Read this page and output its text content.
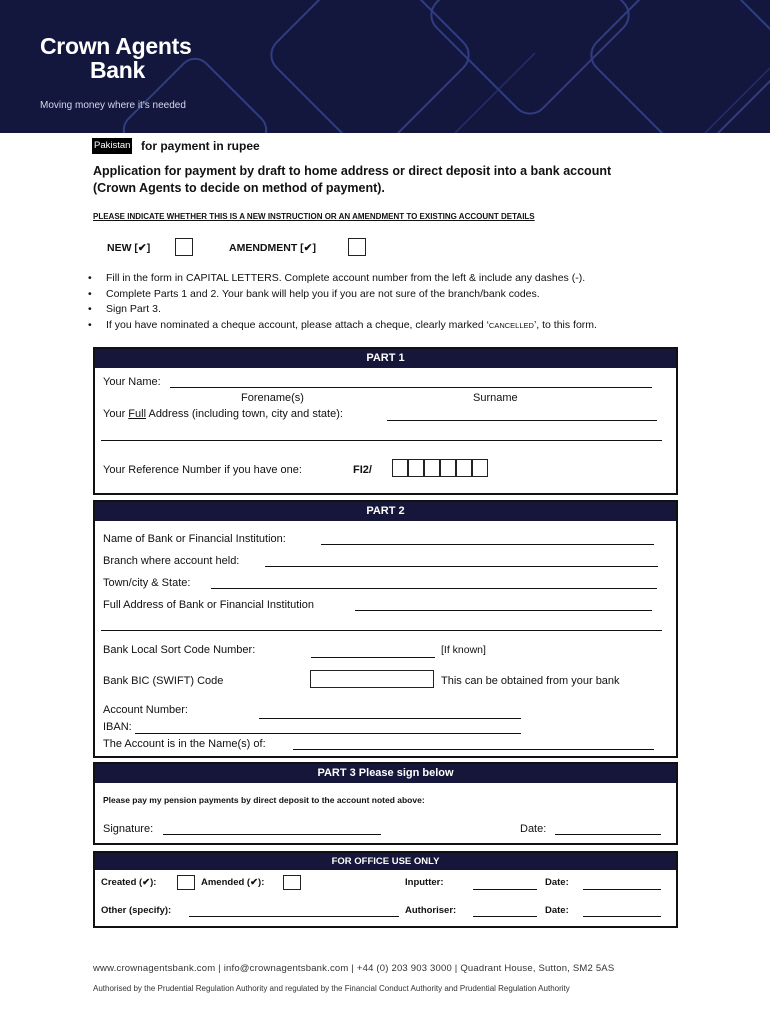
Crown Agents
Bank
Moving money where it's needed
Pakistan for payment in rupee
Application for payment by draft to home address or direct deposit into a bank account
(Crown Agents to decide on method of payment).
PLEASE INDICATE WHETHER THIS IS A NEW INSTRUCTION OR AN AMENDMENT TO EXISTING ACCOUNT DETAILS
NEW [✔]	AMENDMENT [✔]
• Fill in the form in CAPITAL LETTERS. Complete account number from the left & include any dashes (-).
• Complete Parts 1 and 2. Your bank will help you if you are not sure of the branch/bank codes.
• Sign Part 3.
• If you have nominated a cheque account, please attach a cheque, clearly marked ‘CANCELLED’, to this form.
PART 1
Your Name:
Forename(s)	Surname
Your Full Address (including town, city and state):
Your Reference Number if you have one:	FI2/
PART 2
Name of Bank or Financial Institution:
Branch where account held:
Town/city & State:
Full Address of Bank or Financial Institution
Bank Local Sort Code Number:	[If known]
Bank BIC (SWIFT) Code	This can be obtained from your bank
Account Number:
IBAN:
The Account is in the Name(s) of:
PART 3 Please sign below
Please pay my pension payments by direct deposit to the account noted above:
Signature:	Date:
FOR OFFICE USE ONLY
Created (✔):	Amended (✔):	Inputter:	Date:
Other (specify):	Authoriser:	Date:
www.crownagentsbank.com | info@crownagentsbank.com | +44 (0) 203 903 3000 | Quadrant House, Sutton, SM2 5AS
Authorised by the Prudential Regulation Authority and regulated by the Financial Conduct Authority and Prudential Regulation Authority
